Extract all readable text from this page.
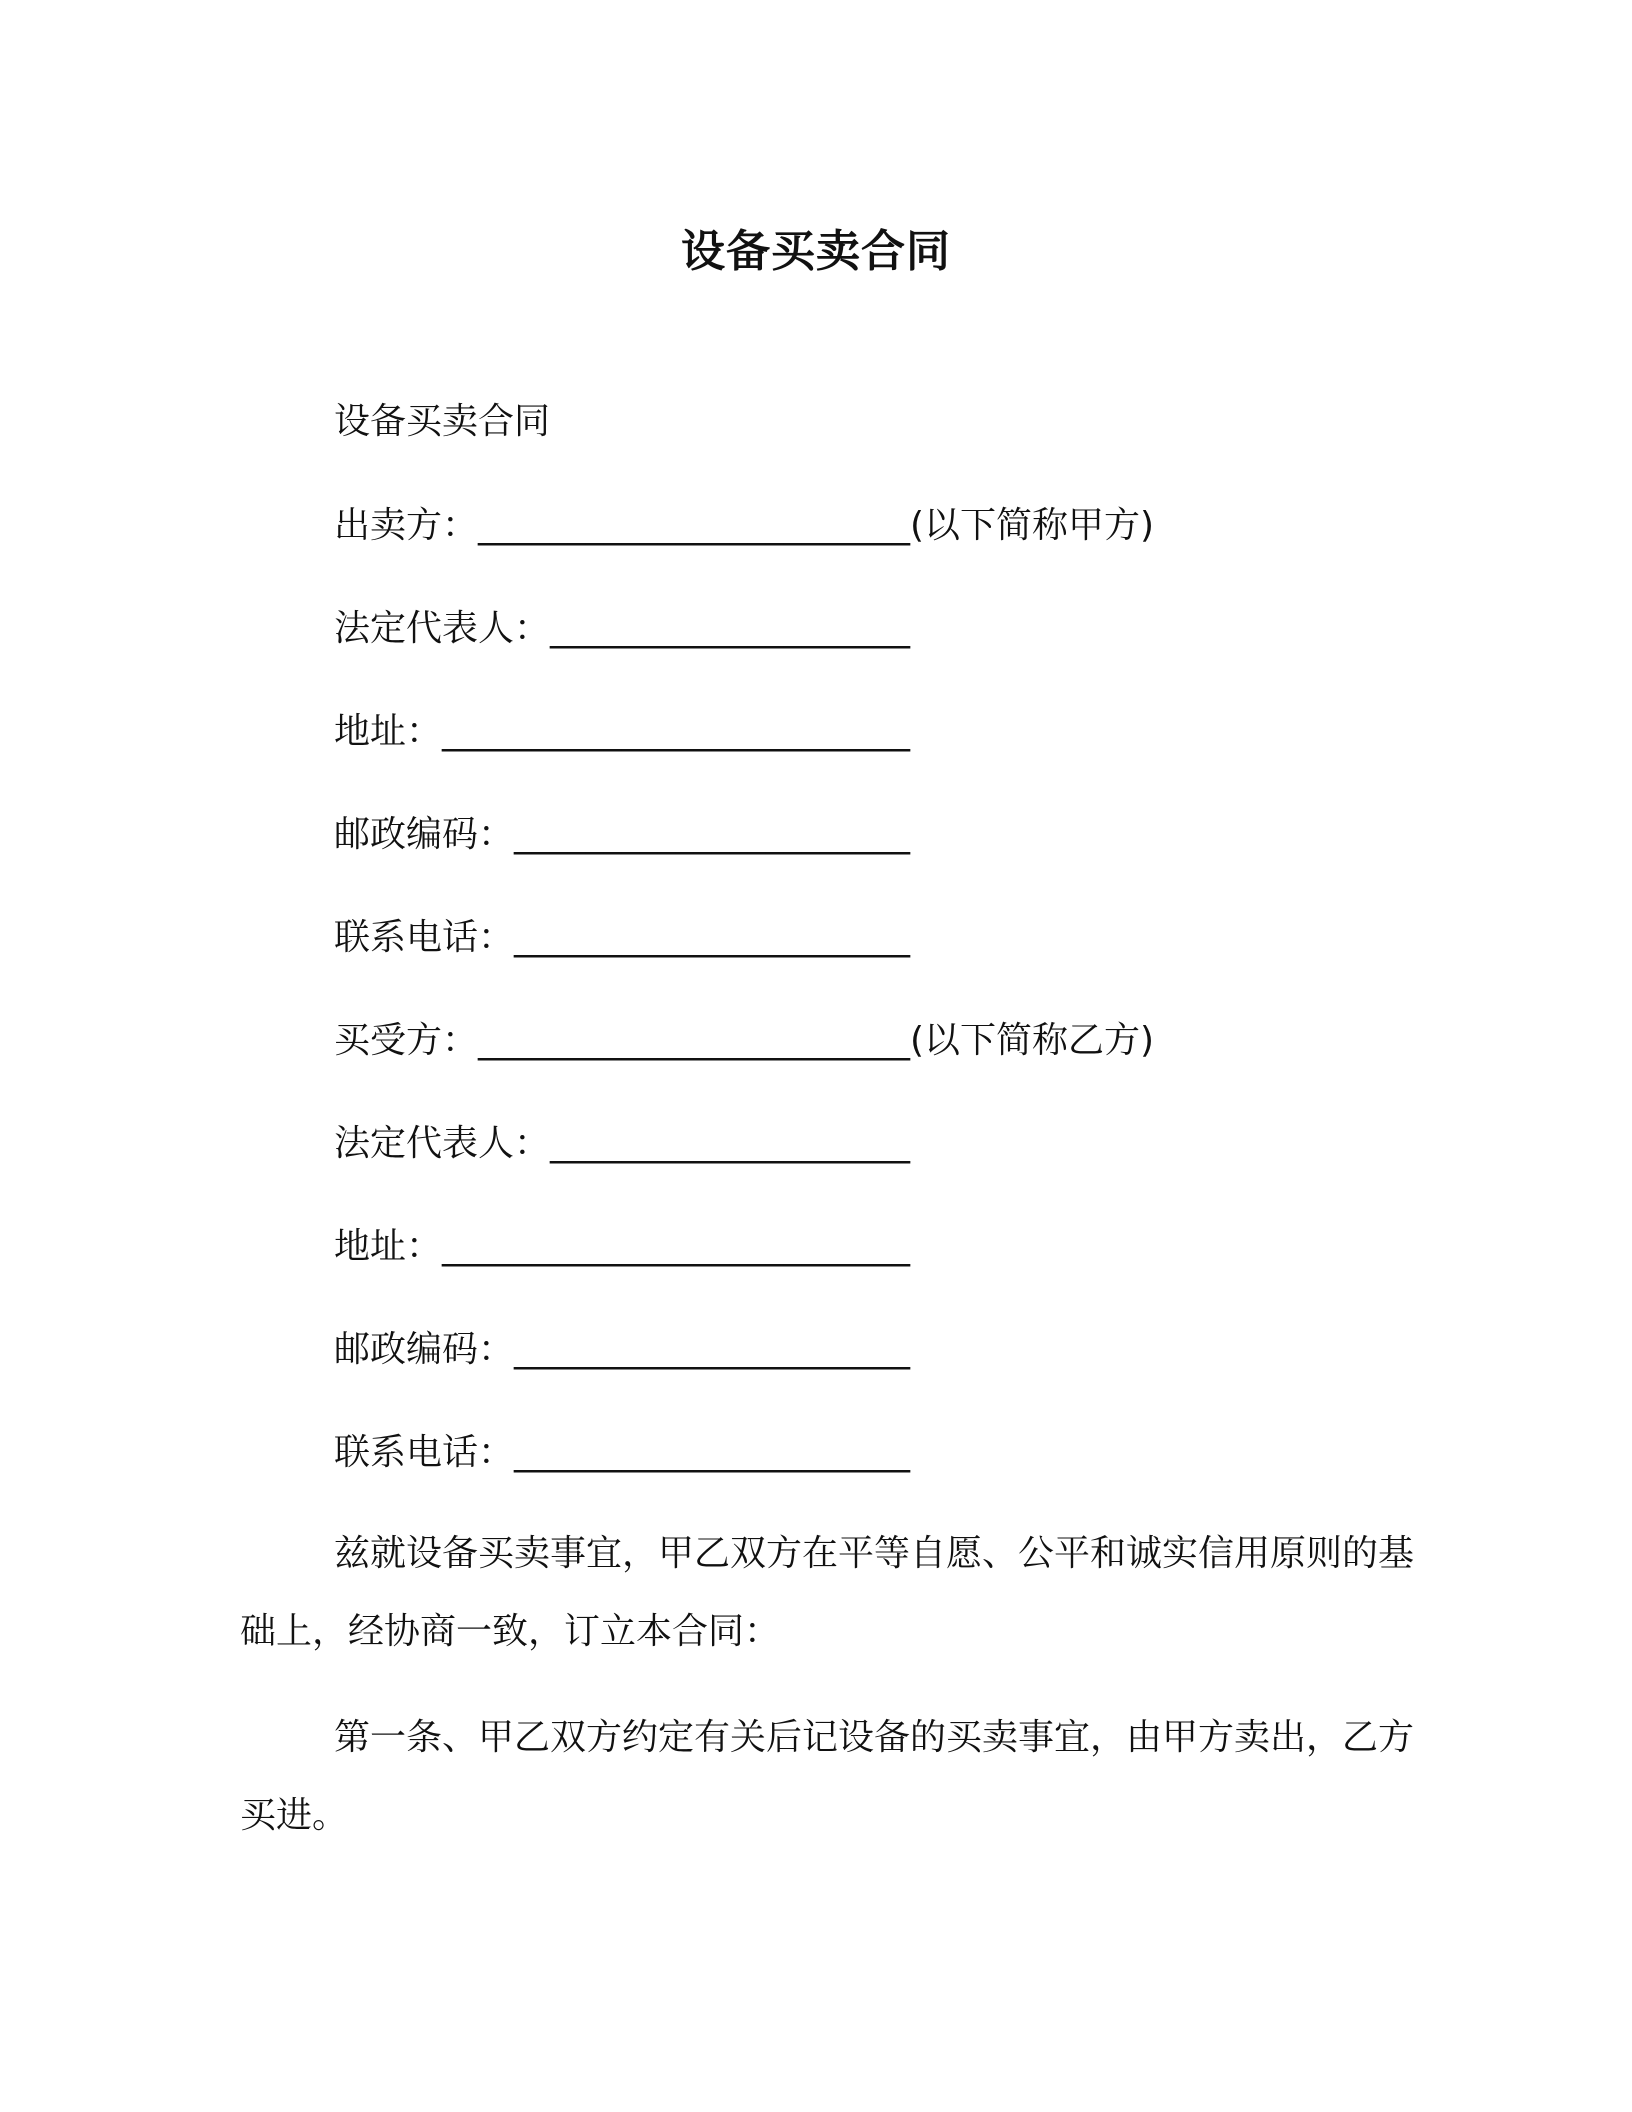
设备买卖合同
设备买卖合同
出卖方：________________________(以下简称甲方)
法定代表人：____________________
地址：__________________________
邮政编码：______________________
联系电话：______________________
买受方：________________________(以下简称乙方)
法定代表人：____________________
地址：__________________________
邮政编码：______________________
联系电话：______________________
兹就设备买卖事宜，甲乙双方在平等自愿、公平和诚实信用原则的基础上，经协商一致，订立本合同：
第一条、甲乙双方约定有关后记设备的买卖事宜，由甲方卖出，乙方买进。
